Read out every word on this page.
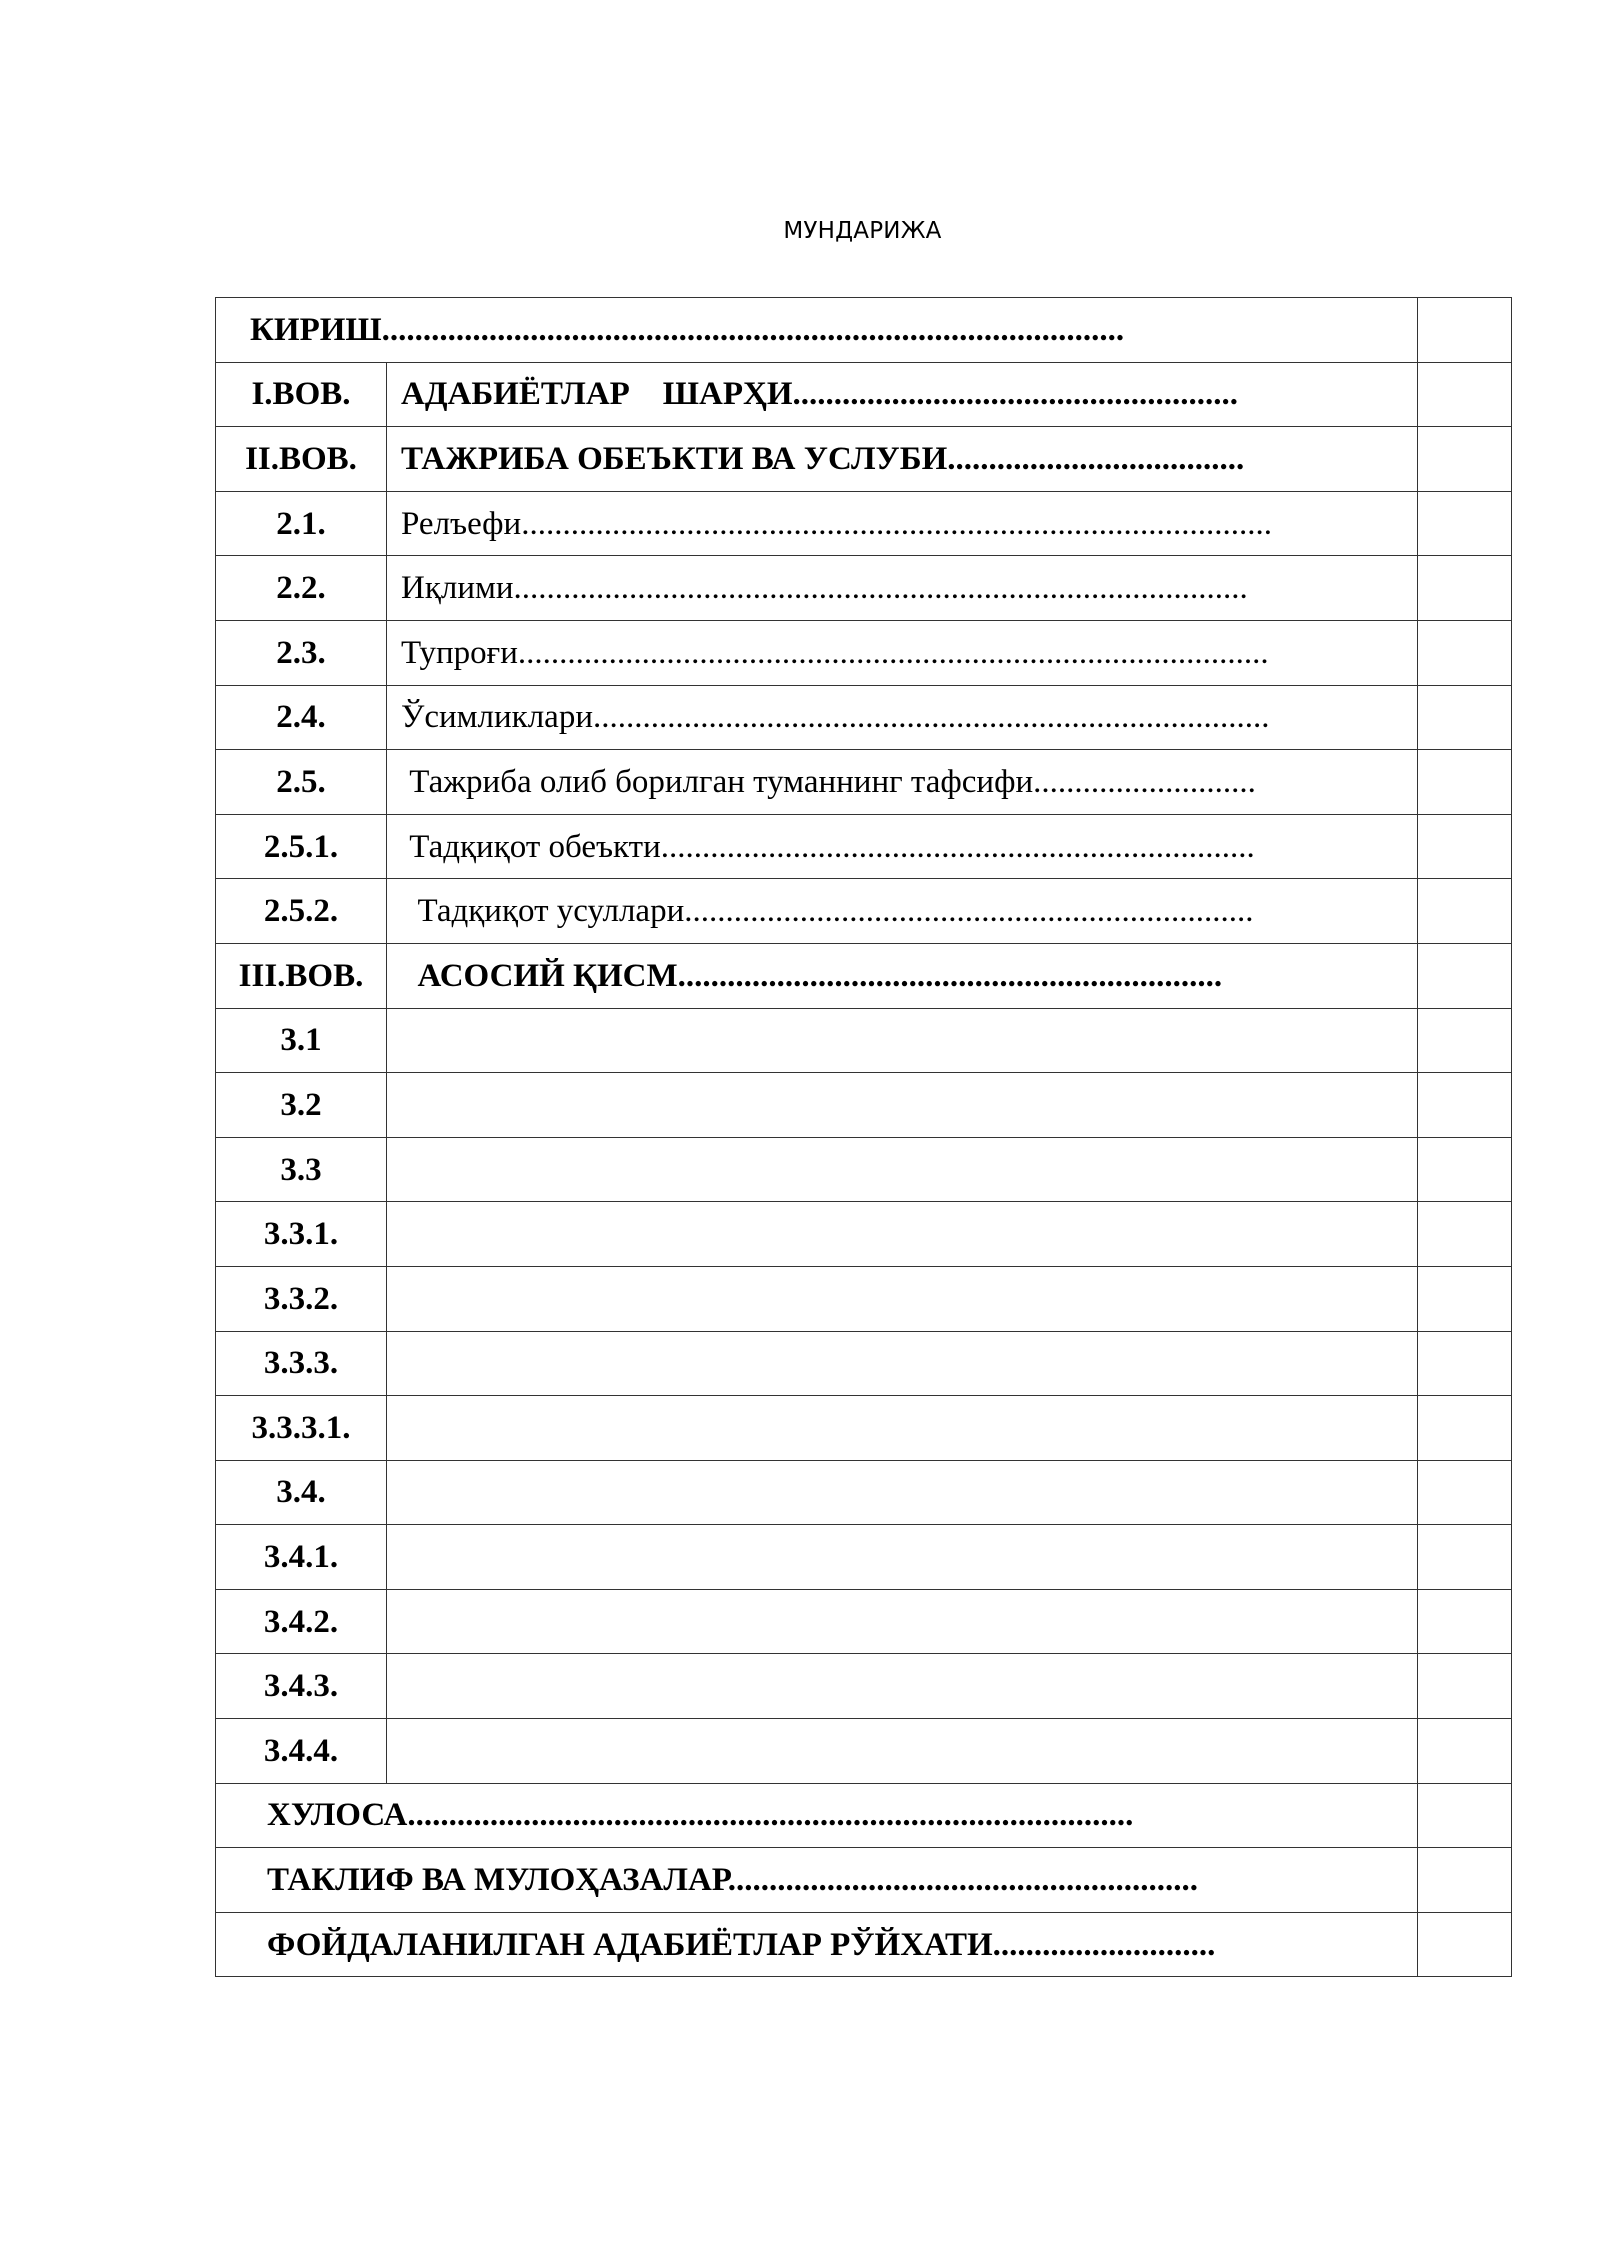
МУНДАРИЖА
КИРИШ..........................................................................................		
I.ВОВ.	АДАБИЁТЛАР    ШАРҲИ......................................................	
II.ВОВ.	ТАЖРИБА ОБЕЪКТИ ВА УСЛУБИ....................................	
2.1.	Релъефи...........................................................................................	
2.2.	Иқлими.........................................................................................	
2.3.	Тупроғи...........................................................................................	
2.4.	Ўсимликлари..................................................................................	
2.5.	Тажриба олиб борилган туманнинг тафсифи...........................	
2.5.1.	Тадқиқот обеъкти........................................................................	
2.5.2.	Тадқиқот усуллари.....................................................................	
III.ВОВ.	АСОСИЙ ҚИСМ..................................................................	
3.1		
3.2		
3.3		
3.3.1.		
3.3.2.		
3.3.3.		
3.3.3.1.		
3.4.		
3.4.1.		
3.4.2.		
3.4.3.		
3.4.4.		
ХУЛОСА........................................................................................		
ТАКЛИФ ВА МУЛОҲАЗАЛАР.........................................................		
ФОЙДАЛАНИЛГАН АДАБИЁТЛАР РЎЙХАТИ...........................		
